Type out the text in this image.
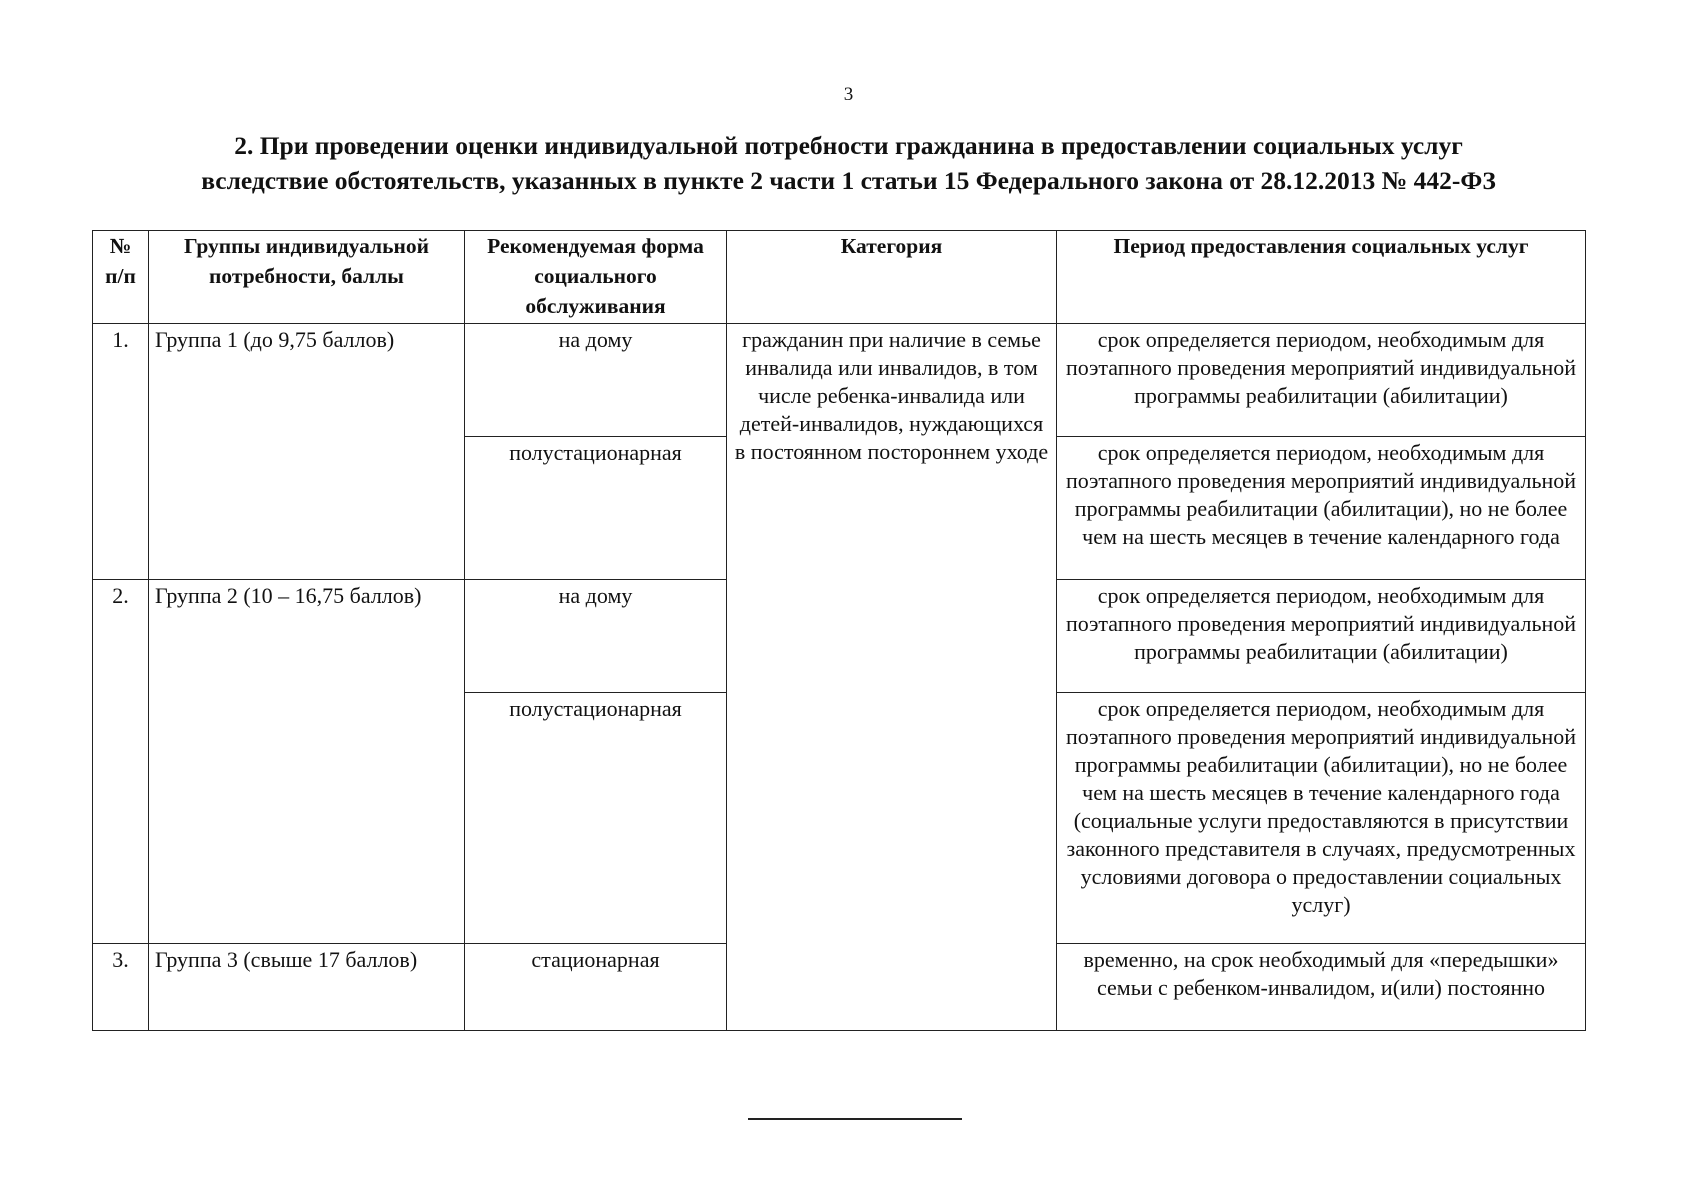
3
2. При проведении оценки индивидуальной потребности гражданина в предоставлении социальных услуг
вследствие обстоятельств, указанных в пункте 2 части 1 статьи 15 Федерального закона от 28.12.2013 № 442-ФЗ
№ п/п	Группы индивидуальной потребности, баллы	Рекомендуемая форма социального обслуживания	Категория	Период предоставления социальных услуг
1.	Группа 1 (до 9,75 баллов)	на дому	гражданин при наличие в семье инвалида или инвалидов, в том числе ребенка-инвалида или детей-инвалидов, нуждающихся в постоянном постороннем уходе	срок определяется периодом, необходимым для поэтапного проведения мероприятий индивидуальной программы реабилитации (абилитации)
		полустационарная		срок определяется периодом, необходимым для поэтапного проведения мероприятий индивидуальной программы реабилитации (абилитации), но не более чем на шесть месяцев в течение календарного года
2.	Группа 2 (10 – 16,75 баллов)	на дому		срок определяется периодом, необходимым для поэтапного проведения мероприятий индивидуальной программы реабилитации (абилитации)
		полустационарная		срок определяется периодом, необходимым для поэтапного проведения мероприятий индивидуальной программы реабилитации (абилитации), но не более чем на шесть месяцев в течение календарного года (социальные услуги предоставляются в присутствии законного представителя в случаях, предусмотренных условиями договора о предоставлении социальных услуг)
3.	Группа 3 (свыше 17 баллов)	стационарная		временно, на срок необходимый для «передышки» семьи с ребенком-инвалидом, и(или) постоянно
